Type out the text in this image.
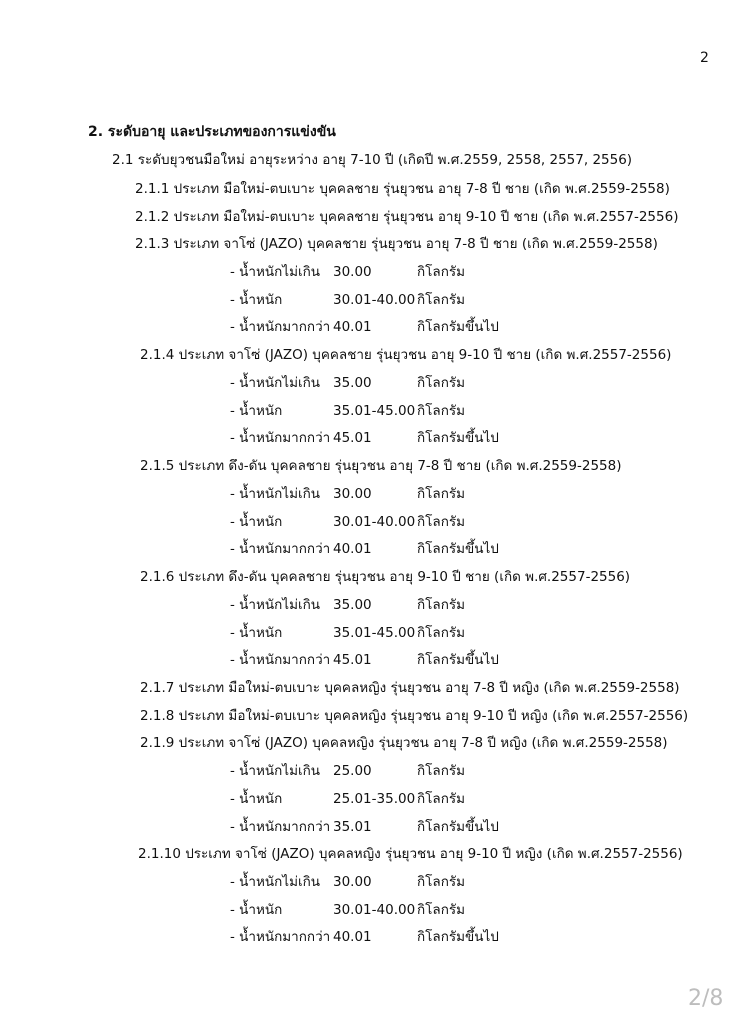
2
2. ระดับอายุ และประเภทของการแข่งขัน
2.1 ระดับยุวชนมือใหม่ อายุระหว่าง อายุ 7-10 ปี (เกิดปี พ.ศ.2559, 2558, 2557, 2556)
2.1.1 ประเภท มือใหม่-ตบเบาะ บุคคลชาย รุ่นยุวชน อายุ 7-8 ปี ชาย (เกิด พ.ศ.2559-2558)
2.1.2 ประเภท มือใหม่-ตบเบาะ บุคคลชาย รุ่นยุวชน อายุ 9-10 ปี ชาย (เกิด พ.ศ.2557-2556)
2.1.3 ประเภท จาโซ่ (JAZO) บุคคลชาย รุ่นยุวชน อายุ 7-8 ปี ชาย (เกิด พ.ศ.2559-2558)
- น้ำหนักไม่เกิน 30.00	กิโลกรัม
- น้ำหนัก	30.01-40.00 กิโลกรัม
- น้ำหนักมากกว่า 40.01	กิโลกรัมขึ้นไป
2.1.4 ประเภท จาโซ่ (JAZO) บุคคลชาย รุ่นยุวชน อายุ 9-10 ปี ชาย (เกิด พ.ศ.2557-2556)
- น้ำหนักไม่เกิน 35.00	กิโลกรัม
- น้ำหนัก	35.01-45.00 กิโลกรัม
- น้ำหนักมากกว่า 45.01	กิโลกรัมขึ้นไป
2.1.5 ประเภท ดึง-ดัน บุคคลชาย รุ่นยุวชน อายุ 7-8 ปี ชาย (เกิด พ.ศ.2559-2558)
- น้ำหนักไม่เกิน 30.00	กิโลกรัม
- น้ำหนัก	30.01-40.00 กิโลกรัม
- น้ำหนักมากกว่า 40.01	กิโลกรัมขึ้นไป
2.1.6 ประเภท ดึง-ดัน บุคคลชาย รุ่นยุวชน อายุ 9-10 ปี ชาย (เกิด พ.ศ.2557-2556)
- น้ำหนักไม่เกิน 35.00	กิโลกรัม
- น้ำหนัก	35.01-45.00 กิโลกรัม
- น้ำหนักมากกว่า 45.01	กิโลกรัมขึ้นไป
2.1.7 ประเภท มือใหม่-ตบเบาะ บุคคลหญิง รุ่นยุวชน อายุ 7-8 ปี หญิง (เกิด พ.ศ.2559-2558)
2.1.8 ประเภท มือใหม่-ตบเบาะ บุคคลหญิง รุ่นยุวชน อายุ 9-10 ปี หญิง (เกิด พ.ศ.2557-2556)
2.1.9 ประเภท จาโซ่ (JAZO) บุคคลหญิง รุ่นยุวชน อายุ 7-8 ปี หญิง (เกิด พ.ศ.2559-2558)
- น้ำหนักไม่เกิน 25.00	กิโลกรัม
- น้ำหนัก	25.01-35.00 กิโลกรัม
- น้ำหนักมากกว่า 35.01	กิโลกรัมขึ้นไป
2.1.10 ประเภท จาโซ่ (JAZO) บุคคลหญิง รุ่นยุวชน อายุ 9-10 ปี หญิง (เกิด พ.ศ.2557-2556)
- น้ำหนักไม่เกิน 30.00	กิโลกรัม
- น้ำหนัก	30.01-40.00 กิโลกรัม
- น้ำหนักมากกว่า 40.01	กิโลกรัมขึ้นไป
2/8
